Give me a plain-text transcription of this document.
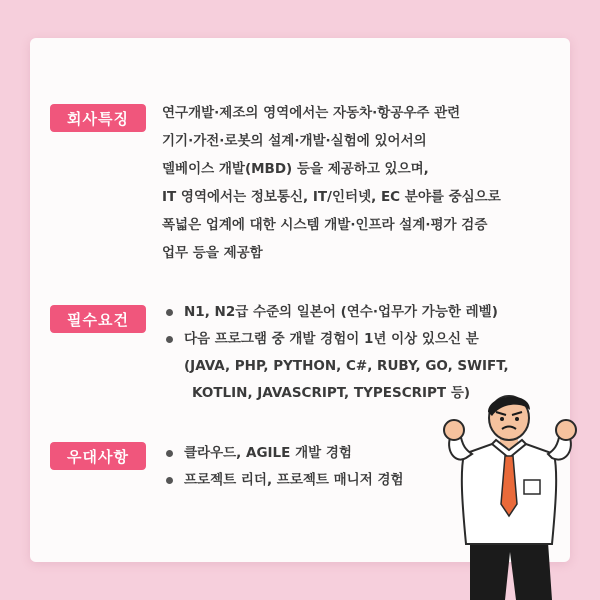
회사특징	연구개발·제조의 영역에서는 자동차·항공우주 관련
기기·가전·로봇의 설계·개발·실험에 있어서의
델베이스 개발(MBD) 등을 제공하고 있으며,
IT 영역에서는 정보통신, IT/인터넷, EC 분야를 중심으로
폭넓은 업계에 대한 시스템 개발·인프라 설계·평가 검증
업무 등을 제공함
필수요건	N1, N2급 수준의 일본어 (연수·업무가 가능한 레벨)
다음 프로그램 중 개발 경험이 1년 이상 있으신 분
(JAVA, PHP, PYTHON, C#, RUBY, GO, SWIFT,
KOTLIN, JAVASCRIPT, TYPESCRIPT 등)
우대사항	클라우드, AGILE 개발 경험
프로젝트 리더, 프로젝트 매니저 경험
